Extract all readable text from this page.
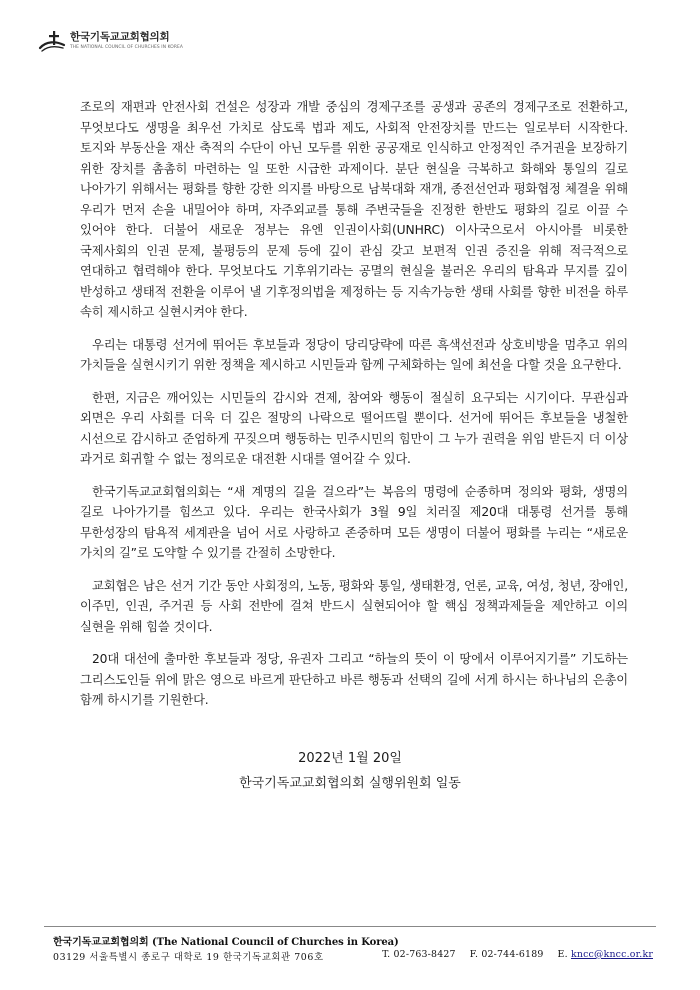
한국기독교교회협의회
THE NATIONAL COUNCIL OF CHURCHES IN KOREA

조로의 재편과 안전사회 건설은 성장과 개발 중심의 경제구조를 공생과 공존의 경제구조로 전환하고, 무엇보다도 생명을 최우선 가치로 삼도록 법과 제도, 사회적 안전장치를 만드는 일로부터 시작한다. 토지와 부동산을 재산 축적의 수단이 아닌 모두를 위한 공공재로 인식하고 안정적인 주거권을 보장하기 위한 장치를 촘촘히 마련하는 일 또한 시급한 과제이다. 분단 현실을 극복하고 화해와 통일의 길로 나아가기 위해서는 평화를 향한 강한 의지를 바탕으로 남북대화 재개, 종전선언과 평화협정 체결을 위해 우리가 먼저 손을 내밀어야 하며, 자주외교를 통해 주변국들을 진정한 한반도 평화의 길로 이끌 수 있어야 한다. 더불어 새로운 정부는 유엔 인권이사회(UNHRC) 이사국으로서 아시아를 비롯한 국제사회의 인권 문제, 불평등의 문제 등에 깊이 관심 갖고 보편적 인권 증진을 위해 적극적으로 연대하고 협력해야 한다. 무엇보다도 기후위기라는 공멸의 현실을 불러온 우리의 탐욕과 무지를 깊이 반성하고 생태적 전환을 이루어 낼 기후정의법을 제정하는 등 지속가능한 생태 사회를 향한 비전을 하루 속히 제시하고 실현시켜야 한다.

우리는 대통령 선거에 뛰어든 후보들과 정당이 당리당략에 따른 흑색선전과 상호비방을 멈추고 위의 가치들을 실현시키기 위한 정책을 제시하고 시민들과 함께 구체화하는 일에 최선을 다할 것을 요구한다.

한편, 지금은 깨어있는 시민들의 감시와 견제, 참여와 행동이 절실히 요구되는 시기이다. 무관심과 외면은 우리 사회를 더욱 더 깊은 절망의 나락으로 떨어뜨릴 뿐이다. 선거에 뛰어든 후보들을 냉철한 시선으로 감시하고 준엄하게 꾸짖으며 행동하는 민주시민의 힘만이 그 누가 권력을 위임 받든지 더 이상 과거로 회귀할 수 없는 정의로운 대전환 시대를 열어갈 수 있다.

한국기독교교회협의회는 “새 계명의 길을 걸으라”는 복음의 명령에 순종하며 정의와 평화, 생명의 길로 나아가기를 힘쓰고 있다. 우리는 한국사회가 3월 9일 치러질 제20대 대통령 선거를 통해 무한성장의 탐욕적 세계관을 넘어 서로 사랑하고 존중하며 모든 생명이 더불어 평화를 누리는 “새로운 가치의 길”로 도약할 수 있기를 간절히 소망한다.

교회협은 남은 선거 기간 동안 사회정의, 노동, 평화와 통일, 생태환경, 언론, 교육, 여성, 청년, 장애인, 이주민, 인권, 주거권 등 사회 전반에 걸쳐 반드시 실현되어야 할 핵심 정책과제들을 제안하고 이의 실현을 위해 힘쓸 것이다.

20대 대선에 출마한 후보들과 정당, 유권자 그리고 “하늘의 뜻이 이 땅에서 이루어지기를” 기도하는 그리스도인들 위에 맑은 영으로 바르게 판단하고 바른 행동과 선택의 길에 서게 하시는 하나님의 은총이 함께 하시기를 기원한다.

2022년 1월 20일
한국기독교교회협의회 실행위원회 일동
한국기독교교회협의회 (The National Council of Churches in Korea)
03129 서울특별시 종로구 대학로 19 한국기독교회관 706호	T. 02-763-8427 F. 02-744-6189 E. kncc@kncc.or.kr
